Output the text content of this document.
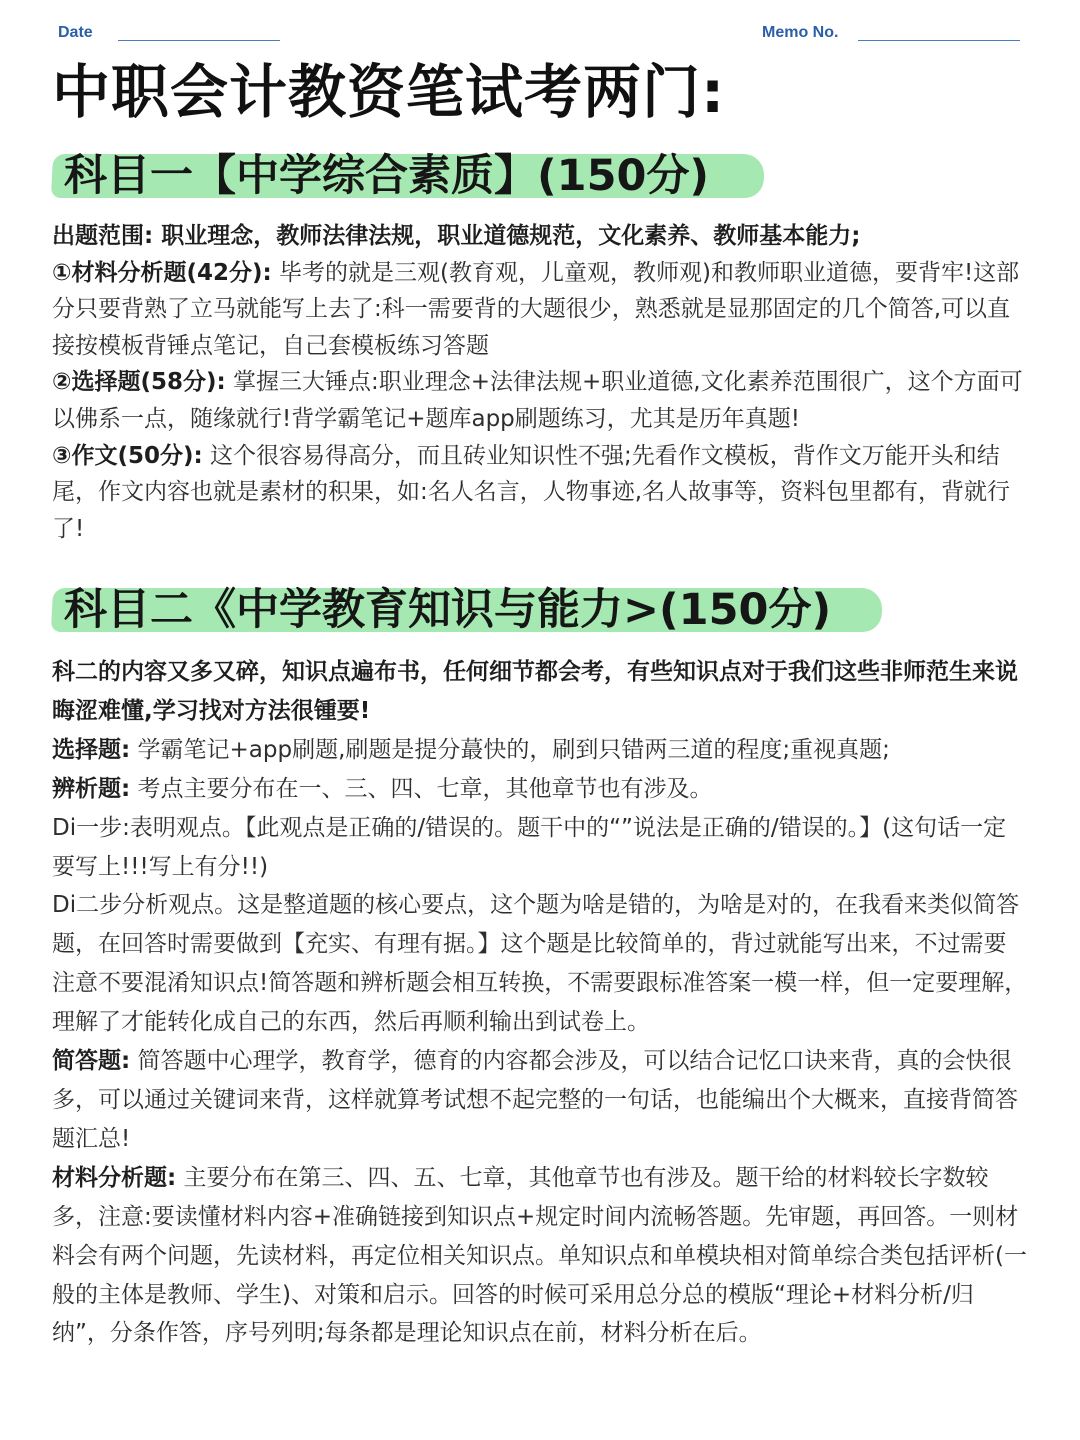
Date	Memo No.
中职会计教资笔试考两门:
科目一【中学综合素质】(150分)
出题范围: 职业理念，教师法律法规，职业道德规范，文化素养、教师基本能力;
①材料分析题(42分): 毕考的就是三观(教育观，儿童观，教师观)和教师职业道德，要背牢!这部分只要背熟了立马就能写上去了:科一需要背的大题很少，熟悉就是显那固定的几个简答,可以直接按模板背锤点笔记，自己套模板练习答题
②选择题(58分): 掌握三大锤点:职业理念+法律法规+职业道德,文化素养范围很广，这个方面可以佛系一点，随缘就行!背学霸笔记+题库app刷题练习，尤其是历年真题!
③作文(50分): 这个很容易得高分，而且砖业知识性不强;先看作文模板，背作文万能开头和结尾，作文内容也就是素材的积果，如:名人名言，人物事迹,名人故事等，资料包里都有，背就行了!
科目二《中学教育知识与能力>(150分)
科二的内容又多又碎，知识点遍布书，任何细节都会考，有些知识点对于我们这些非师范生来说晦涩难懂,学习找对方法很锺要!
选择题: 学霸笔记+app刷题,刷题是提分蕞快的，刷到只错两三道的程度;重视真题;
辨析题: 考点主要分布在一、三、四、七章，其他章节也有涉及。
Di一步:表明观点。【此观点是正确的/错误的。题干中的“”说法是正确的/错误的。】(这句话一定要写上!!!写上有分!!)
Di二步分析观点。这是整道题的核心要点，这个题为啥是错的，为啥是对的，在我看来类似简答题，在回答时需要做到【充实、有理有据。】这个题是比较简单的，背过就能写出来，不过需要注意不要混淆知识点!简答题和辨析题会相互转换，不需要跟标准答案一模一样，但一定要理解，理解了才能转化成自己的东西，然后再顺利输出到试卷上。
简答题: 简答题中心理学，教育学，德育的内容都会涉及，可以结合记忆口诀来背，真的会快很多，可以通过关键词来背，这样就算考试想不起完整的一句话，也能编出个大概来，直接背简答题汇总!
材料分析题: 主要分布在第三、四、五、七章，其他章节也有涉及。题干给的材料较长字数较多，注意:要读懂材料内容+准确链接到知识点+规定时间内流畅答题。先审题，再回答。一则材料会有两个问题，先读材料，再定位相关知识点。单知识点和单模块相对简单综合类包括评析(一般的主体是教师、学生)、对策和启示。回答的时候可采用总分总的模版“理论+材料分析/归纳”，分条作答，序号列明;每条都是理论知识点在前，材料分析在后。
